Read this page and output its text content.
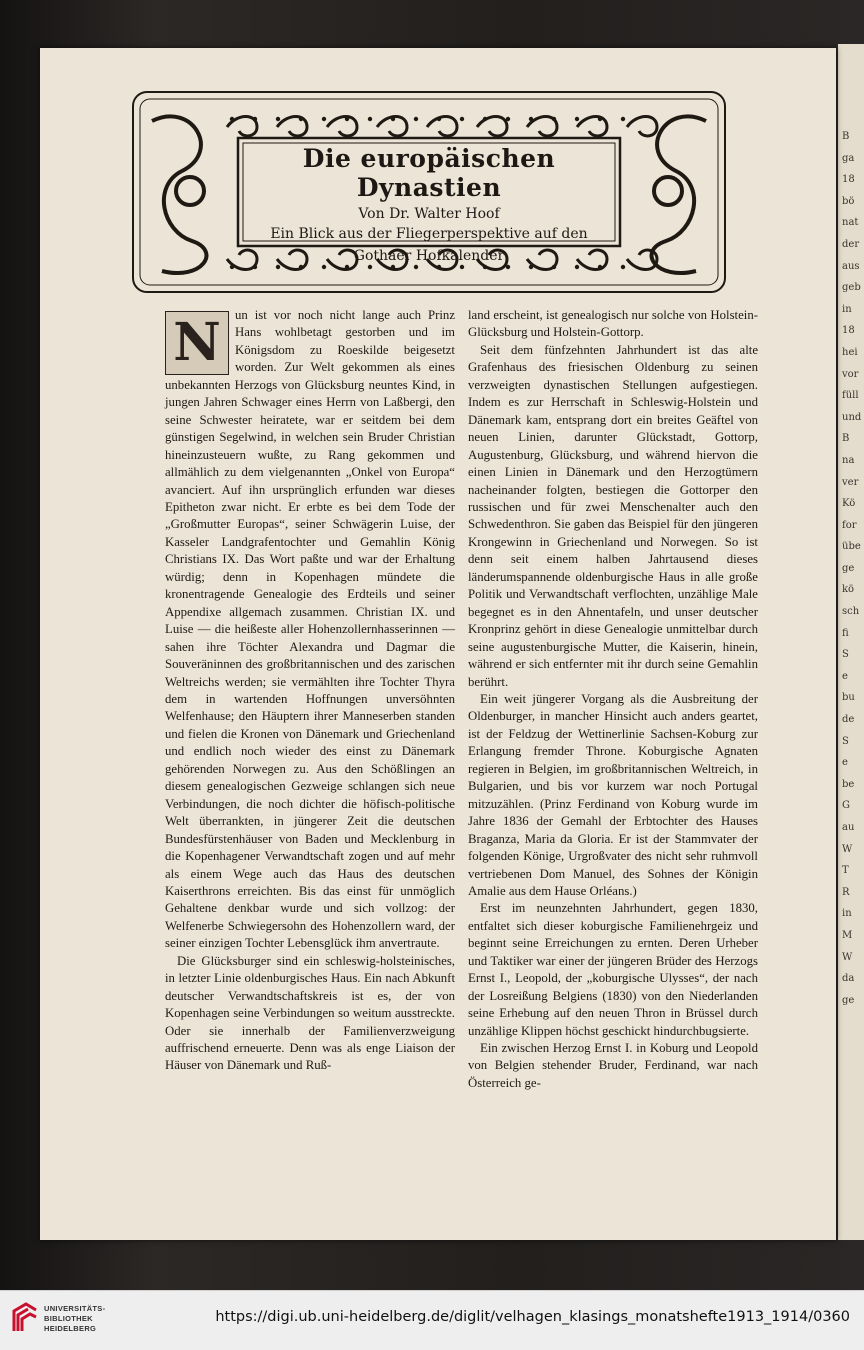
B
ga
18
bö
nat
der
aus
geb
in
18
hei
vor
füll
und
B
na
ver
Kö
for
übe
ge
kö
sch
fi
S
e
bu
de
S
e
be
G
au
W
T
R
in
M
W
da
ge
Die europäischen Dynastien
Von Dr. Walter Hoof
Ein Blick aus der Fliegerperspektive auf den
Gothaer Hofkalender
N	un ist vor noch nicht lange auch Prinz Hans wohlbetagt gestorben und im Königsdom zu Roeskilde beigesetzt worden. Zur Welt gekommen als eines unbekannten Herzogs von Glücksburg neuntes Kind, in jungen Jahren Schwager eines Herrn von Laßbergi, den seine Schwester heiratete, war er seitdem bei dem günstigen Segelwind, in welchen sein Bruder Christian hineinzusteuern wußte, zu Rang gekommen und allmählich zu dem vielgenannten „Onkel von Europa“ avanciert. Auf ihn ursprünglich erfunden war dieses Epitheton zwar nicht. Er erbte es bei dem Tode der „Großmutter Europas“, seiner Schwägerin Luise, der Kasseler Landgrafentochter und Gemahlin König Christians IX. Das Wort paßte und war der Erhaltung würdig; denn in Kopenhagen mündete die kronentragende Genealogie des Erdteils und seiner Appendixe allgemach zusammen. Christian IX. und Luise — die heißeste aller Hohenzollernhasserinnen — sahen ihre Töchter Alexandra und Dagmar die Souveräninnen des großbritannischen und des zarischen Weltreichs werden; sie vermählten ihre Tochter Thyra dem in wartenden Hoffnungen unversöhnten Welfenhause; den Häuptern ihrer Manneserben standen und fielen die Kronen von Dänemark und Griechenland und endlich noch wieder des einst zu Dänemark gehörenden Norwegen zu. Aus den Schößlingen an diesem genealogischen Gezweige schlangen sich neue Verbindungen, die noch dichter die höfisch-politische Welt überrankten, in jüngerer Zeit die deutschen Bundesfürstenhäuser von Baden und Mecklenburg in die Kopenhagener Verwandtschaft zogen und auf mehr als einem Wege auch das Haus des deutschen Kaiserthrons erreichten. Bis das einst für unmöglich Gehaltene denkbar wurde und sich vollzog: der Welfenerbe Schwiegersohn des Hohenzollern ward, der seiner einzigen Tochter Lebensglück ihm anvertraute.

Die Glücksburger sind ein schleswig-holsteinisches, in letzter Linie oldenburgisches Haus. Ein nach Abkunft deutscher Verwandtschaftskreis ist es, der von Kopenhagen seine Verbindungen so weitum ausstreckte. Oder sie innerhalb der Familienverzweigung auffrischend erneuerte. Denn was als enge Liaison der Häuser von Dänemark und Ruß-

land erscheint, ist genealogisch nur solche von Holstein-Glücksburg und Holstein-Gottorp.

Seit dem fünfzehnten Jahrhundert ist das alte Grafenhaus des friesischen Oldenburg zu seinen verzweigten dynastischen Stellungen aufgestiegen. Indem es zur Herrschaft in Schleswig-Holstein und Dänemark kam, entsprang dort ein breites Geäftel von neuen Linien, darunter Glückstadt, Gottorp, Augustenburg, Glücksburg, und während hiervon die einen Linien in Dänemark und den Herzogtümern nacheinander folgten, bestiegen die Gottorper den russischen und für zwei Menschenalter auch den Schwedenthron. Sie gaben das Beispiel für den jüngeren Krongewinn in Griechenland und Norwegen. So ist denn seit einem halben Jahrtausend dieses länderumspannende oldenburgische Haus in alle große Politik und Verwandtschaft verflochten, unzählige Male begegnet es in den Ahnentafeln, und unser deutscher Kronprinz gehört in diese Genealogie unmittelbar durch seine augustenburgische Mutter, die Kaiserin, hinein, während er sich entfernter mit ihr durch seine Gemahlin berührt.

Ein weit jüngerer Vorgang als die Ausbreitung der Oldenburger, in mancher Hinsicht auch anders geartet, ist der Feldzug der Wettinerlinie Sachsen-Koburg zur Erlangung fremder Throne. Koburgische Agnaten regieren in Belgien, im großbritannischen Weltreich, in Bulgarien, und bis vor kurzem war noch Portugal mitzuzählen. (Prinz Ferdinand von Koburg wurde im Jahre 1836 der Gemahl der Erbtochter des Hauses Braganza, Maria da Gloria. Er ist der Stammvater der folgenden Könige, Urgroßvater des nicht sehr ruhmvoll vertriebenen Dom Manuel, des Sohnes der Königin Amalie aus dem Hause Orléans.)

Erst im neunzehnten Jahrhundert, gegen 1830, entfaltet sich dieser koburgische Familienehrgeiz und beginnt seine Erreichungen zu ernten. Deren Urheber und Taktiker war einer der jüngeren Brüder des Herzogs Ernst I., Leopold, der „koburgische Ulysses“, der nach der Losreißung Belgiens (1830) von den Niederlanden seine Erhebung auf den neuen Thron in Brüssel durch unzählige Klippen höchst geschickt hindurchbugsierte.

Ein zwischen Herzog Ernst I. in Koburg und Leopold von Belgien stehender Bruder, Ferdinand, war nach Österreich ge-

UNIVERSITÄTS-
BIBLIOTHEK
HEIDELBERG
https://digi.ub.uni-heidelberg.de/diglit/velhagen_klasings_monatshefte1913_1914/0360
